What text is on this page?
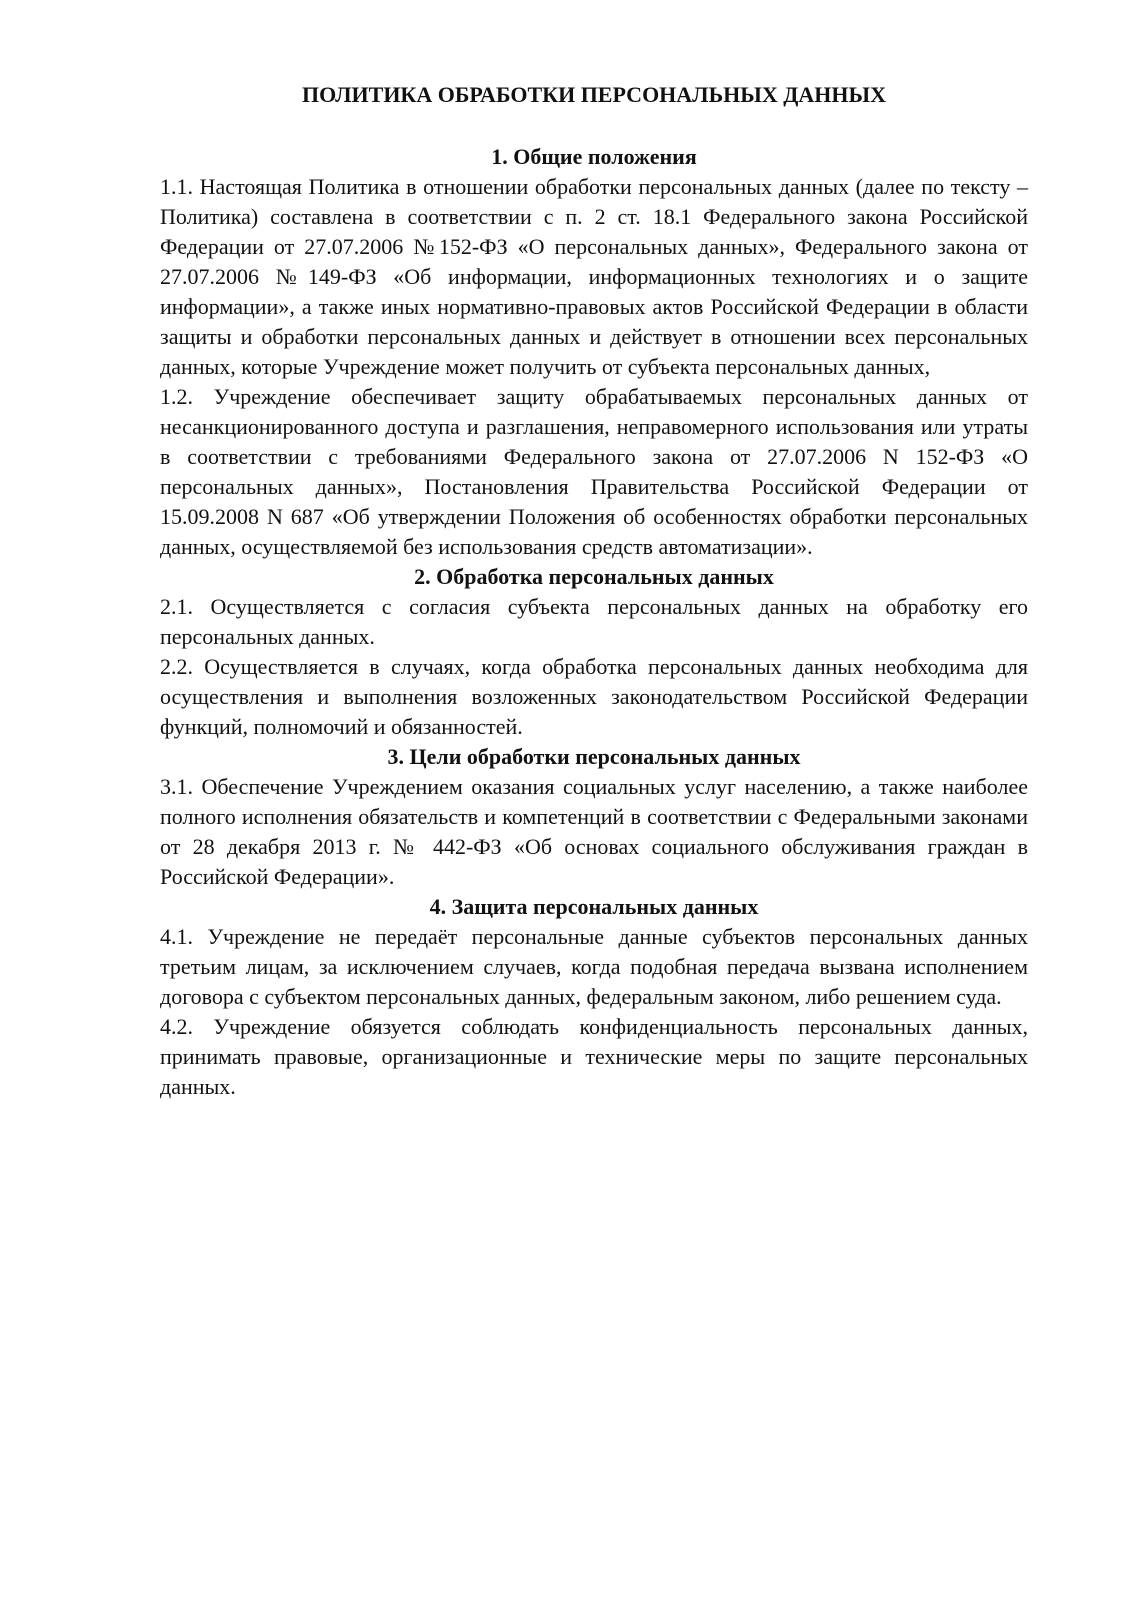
ПОЛИТИКА ОБРАБОТКИ ПЕРСОНАЛЬНЫХ ДАННЫХ
1. Общие положения
1.1. Настоящая Политика в отношении обработки персональных данных (далее по тексту – Политика) составлена в соответствии с п. 2 ст. 18.1 Федерального закона Российской Федерации от 27.07.2006 №152-ФЗ «О персональных данных», Федерального закона от 27.07.2006 №149-ФЗ «Об информации, информационных технологиях и о защите информации», а также иных нормативно-правовых актов Российской Федерации в области защиты и обработки персональных данных и действует в отношении всех персональных данных, которые Учреждение может получить от субъекта персональных данных,
1.2. Учреждение обеспечивает защиту обрабатываемых персональных данных от несанкционированного доступа и разглашения, неправомерного использования или утраты в соответствии с требованиями Федерального закона от 27.07.2006 N 152-ФЗ «О персональных данных», Постановления Правительства Российской Федерации от 15.09.2008 N 687 «Об утверждении Положения об особенностях обработки персональных данных, осуществляемой без использования средств автоматизации».
2. Обработка персональных данных
2.1. Осуществляется с согласия субъекта персональных данных на обработку его персональных данных.
2.2. Осуществляется в случаях, когда обработка персональных данных необходима для осуществления и выполнения возложенных законодательством Российской Федерации функций, полномочий и обязанностей.
3. Цели обработки персональных данных
3.1. Обеспечение Учреждением оказания социальных услуг населению, а также наиболее полного исполнения обязательств и компетенций в соответствии с Федеральными законами от 28 декабря 2013 г. № 442-ФЗ «Об основах социального обслуживания граждан в Российской Федерации».
4. Защита персональных данных
4.1. Учреждение не передаёт персональные данные субъектов персональных данных третьим лицам, за исключением случаев, когда подобная передача вызвана исполнением договора с субъектом персональных данных, федеральным законом, либо решением суда.
4.2. Учреждение обязуется соблюдать конфиденциальность персональных данных, принимать правовые, организационные и технические меры по защите персональных данных.
